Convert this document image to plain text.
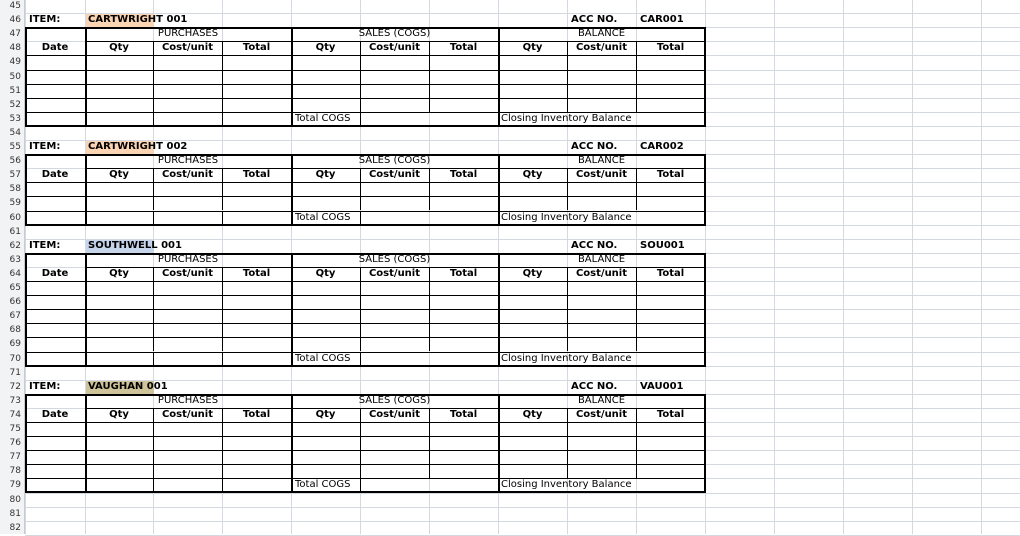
45
46
47
48
49
50
51
52
53
54
55
56
57
58
59
60
61
62
63
64
65
66
67
68
69
70
71
72
73
74
75
76
77
78
79
80
81
82
ITEM:	CARTWRIGHT 001	ACC NO. CAR001
PURCHASES	SALES (COGS)	BALANCE
Date	Qty	Cost/unit	Total	Qty	Cost/unit	Total	Qty	Cost/unit	Total
Total COGS	Closing Inventory Balance
ITEM:	CARTWRIGHT 002	ACC NO. CAR002
PURCHASES	SALES (COGS)	BALANCE
Date	Qty	Cost/unit	Total	Qty	Cost/unit	Total	Qty	Cost/unit	Total
Total COGS	Closing Inventory Balance
ITEM:	SOUTHWELL 001	ACC NO. SOU001
PURCHASES	SALES (COGS)	BALANCE
Date	Qty	Cost/unit	Total	Qty	Cost/unit	Total	Qty	Cost/unit	Total
Total COGS	Closing Inventory Balance
ITEM:	VAUGHAN 001	ACC NO. VAU001
PURCHASES	SALES (COGS)	BALANCE
Date	Qty	Cost/unit	Total	Qty	Cost/unit	Total	Qty	Cost/unit	Total
Total COGS	Closing Inventory Balance
